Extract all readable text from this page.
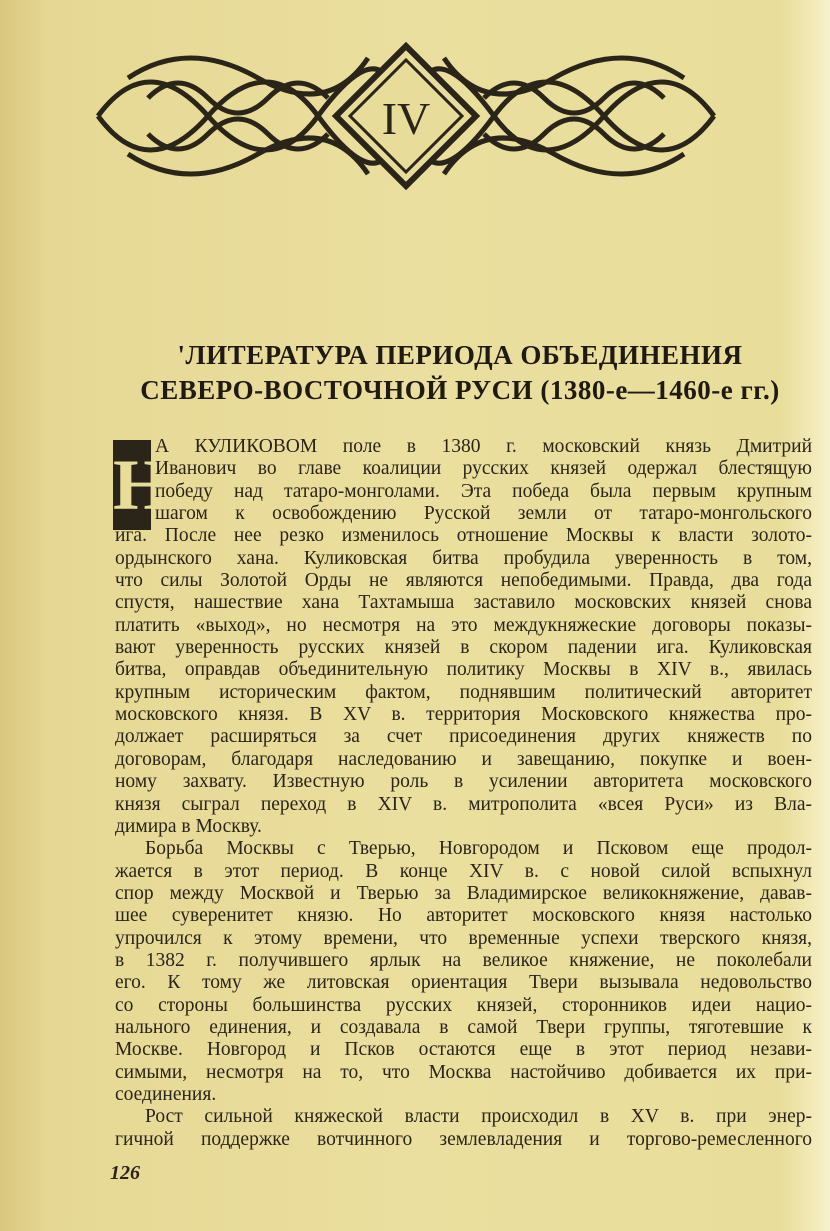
IV
'ЛИТЕРАТУРА ПЕРИОДА ОБЪЕДИНЕНИЯ
СЕВЕРО-ВОСТОЧНОЙ РУСИ (1380-е—1460-е гг.)
Н
А КУЛИКОВОМ поле в 1380 г. московский князь Дмитрий
Иванович во главе коалиции русских князей одержал блестящую
победу над татаро-монголами. Эта победа была первым крупным
шагом к освобождению Русской земли от татаро-монгольского
ига. После нее резко изменилось отношение Москвы к власти золото-
ордынского хана. Куликовская битва пробудила уверенность в том,
что силы Золотой Орды не являются непобедимыми. Правда, два года
спустя, нашествие хана Тахтамыша заставило московских князей снова
платить «выход», но несмотря на это междукняжеские договоры показы-
вают уверенность русских князей в скором падении ига. Куликовская
битва, оправдав объединительную политику Москвы в XIV в., явилась
крупным историческим фактом, поднявшим политический авторитет
московского князя. В XV в. территория Московского княжества про-
должает расширяться за счет присоединения других княжеств по
договорам, благодаря наследованию и завещанию, покупке и воен-
ному захвату. Известную роль в усилении авторитета московского
князя сыграл переход в XIV в. митрополита «всея Руси» из Вла-
димира в Москву.
Борьба Москвы с Тверью, Новгородом и Псковом еще продол-
жается в этот период. В конце XIV в. с новой силой вспыхнул
спор между Москвой и Тверью за Владимирское великокняжение, давав-
шее суверенитет князю. Но авторитет московского князя настолько
упрочился к этому времени, что временные успехи тверского князя,
в 1382 г. получившего ярлык на великое княжение, не поколебали
его. К тому же литовская ориентация Твери вызывала недовольство
со стороны большинства русских князей, сторонников идеи нацио-
нального единения, и создавала в самой Твери группы, тяготевшие к
Москве. Новгород и Псков остаются еще в этот период незави-
симыми, несмотря на то, что Москва настойчиво добивается их при-
соединения.
Рост сильной княжеской власти происходил в XV в. при энер-
гичной поддержке вотчинного землевладения и торгово-ремесленного
126
